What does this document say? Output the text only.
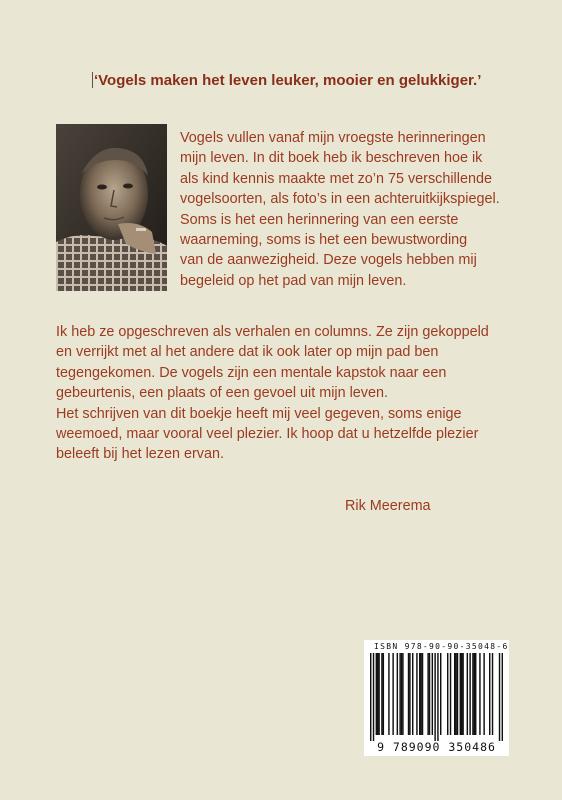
‘Vogels maken het leven leuker, mooier en gelukkiger.’

Vogels vullen vanaf mijn vroegste herinneringen

mijn leven. In dit boek heb ik beschreven hoe ik

als kind kennis maakte met zo’n 75 verschillende

vogelsoorten, als foto’s in een achteruitkijkspiegel.

Soms is het een herinnering van een eerste

waarneming, soms is het een bewustwording

van de aanwezigheid. Deze vogels hebben mij

begeleid op het pad van mijn leven.

Ik heb ze opgeschreven als verhalen en columns. Ze zijn gekoppeld

en verrijkt met al het andere dat ik ook later op mijn pad ben

tegengekomen. De vogels zijn een mentale kapstok naar een

gebeurtenis, een plaats of een gevoel uit mijn leven.

Het schrijven van dit boekje heeft mij veel gegeven, soms enige

weemoed, maar vooral veel plezier. Ik hoop dat u hetzelfde plezier

beleeft bij het lezen ervan.

Rik Meerema
ISBN 978-90-90-35048-6
9 789090 350486
